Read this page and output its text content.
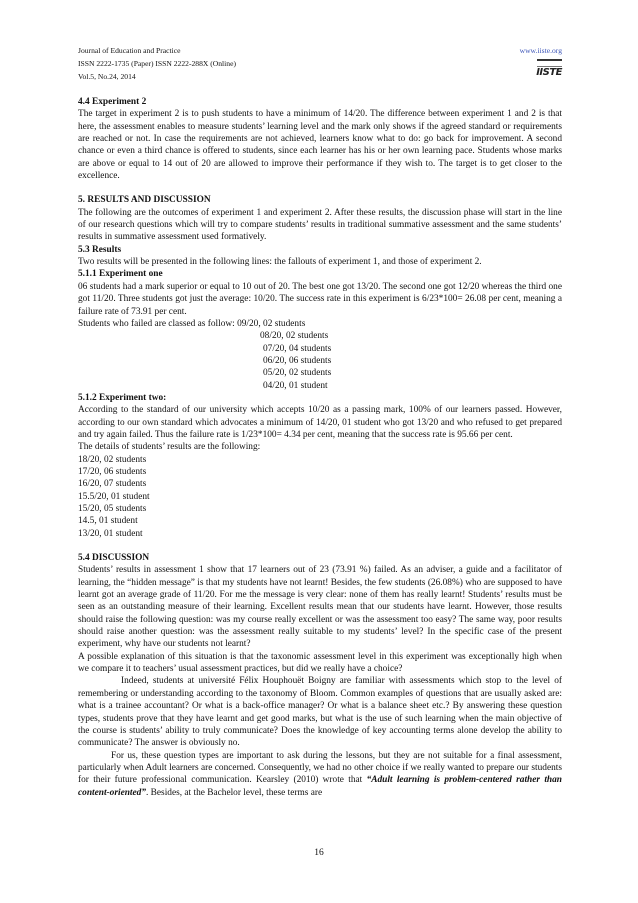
Journal of Education and Practice
ISSN 2222-1735 (Paper) ISSN 2222-288X (Online)
Vol.5, No.24, 2014
www.iiste.org
IISTE

4.4 Experiment 2

The target in experiment 2 is to push students to have a minimum of 14/20. The difference between experiment 1 and 2 is that here, the assessment enables to measure students’ learning level and the mark only shows if the agreed standard or requirements are reached or not. In case the requirements are not achieved, learners know what to do: go back for improvement. A second chance or even a third chance is offered to students, since each learner has his or her own learning pace. Students whose marks are above or equal to 14 out of 20 are allowed to improve their performance if they wish to. The target is to get closer to the excellence.

5. RESULTS AND DISCUSSION

The following are the outcomes of experiment 1 and experiment 2. After these results, the discussion phase will start in the line of our research questions which will try to compare students’ results in traditional summative assessment and the same students’ results in summative assessment used formatively.

5.3 Results

Two results will be presented in the following lines: the fallouts of experiment 1, and those of experiment 2.

5.1.1 Experiment one

06 students had a mark superior or equal to 10 out of 20. The best one got 13/20. The second one got 12/20 whereas the third one got 11/20. Three students got just the average: 10/20. The success rate in this experiment is 6/23*100= 26.08 per cent, meaning a failure rate of 73.91 per cent.

Students who failed are classed as follow: 09/20, 02 students
08/20, 02 students
07/20, 04 students
06/20, 06 students
05/20, 02 students
04/20, 01 student

5.1.2 Experiment two:

According to the standard of our university which accepts 10/20 as a passing mark, 100% of our learners passed. However, according to our own standard which advocates a minimum of 14/20, 01 student who got 13/20 and who refused to get prepared and try again failed. Thus the failure rate is 1/23*100= 4.34 per cent, meaning that the success rate is 95.66 per cent.

The details of students’ results are the following:
18/20, 02 students
17/20, 06 students
16/20, 07 students
15.5/20, 01 student
15/20, 05 students
14.5, 01 student
13/20, 01 student

5.4 DISCUSSION

Students’ results in assessment 1 show that 17 learners out of 23 (73.91 %) failed. As an adviser, a guide and a facilitator of learning, the “hidden message” is that my students have not learnt! Besides, the few students (26.08%) who are supposed to have learnt got an average grade of 11/20. For me the message is very clear: none of them has really learnt! Students’ results must be seen as an outstanding measure of their learning. Excellent results mean that our students have learnt. However, those results should raise the following question: was my course really excellent or was the assessment too easy? The same way, poor results should raise another question: was the assessment really suitable to my students’ level? In the specific case of the present experiment, why have our students not learnt?

A possible explanation of this situation is that the taxonomic assessment level in this experiment was exceptionally high when we compare it to teachers’ usual assessment practices, but did we really have a choice?

Indeed, students at université Félix Houphouët Boigny are familiar with assessments which stop to the level of remembering or understanding according to the taxonomy of Bloom. Common examples of questions that are usually asked are: what is a trainee accountant? Or what is a back-office manager? Or what is a balance sheet etc.? By answering these question types, students prove that they have learnt and get good marks, but what is the use of such learning when the main objective of the course is students’ ability to truly communicate? Does the knowledge of key accounting terms alone develop the ability to communicate? The answer is obviously no.

For us, these question types are important to ask during the lessons, but they are not suitable for a final assessment, particularly when Adult learners are concerned. Consequently, we had no other choice if we really wanted to prepare our students for their future professional communication. Kearsley (2010) wrote that “Adult learning is problem-centered rather than content-oriented”. Besides, at the Bachelor level, these terms are

16
